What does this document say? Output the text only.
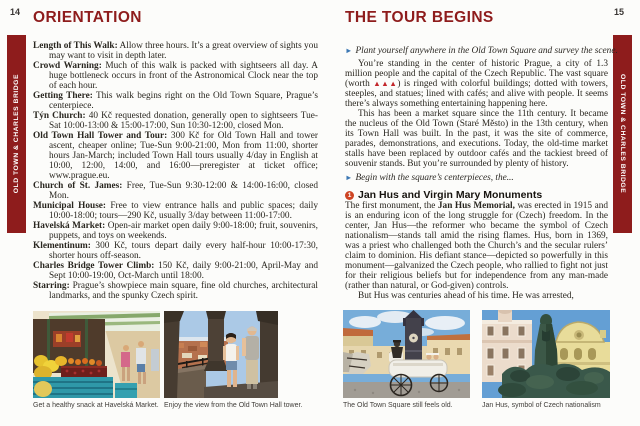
14 ORIENTATION
OLD TOWN & CHARLES BRIDGE
Length of This Walk: Allow three hours. It’s a great overview of sights you may want to visit in depth later.
Crowd Warning: Much of this walk is packed with sightseers all day. A huge bottleneck occurs in front of the Astronomical Clock near the top of each hour.
Getting There: This walk begins right on the Old Town Square, Prague’s centerpiece.
Týn Church: 40 Kč requested donation, generally open to sightseers Tue-Sat 10:00-13:00 & 15:00-17:00, Sun 10:30-12:00, closed Mon.
Old Town Hall Tower and Tour: 300 Kč for Old Town Hall and tower ascent, cheaper online; Tue-Sun 9:00-21:00, Mon from 11:00, shorter hours Jan-March; included Town Hall tours usually 4/day in English at 10:00, 12:00, 14:00, and 16:00—preregister at ticket office; www.prague.eu.
Church of St. James: Free, Tue-Sun 9:30-12:00 & 14:00-16:00, closed Mon.
Municipal House: Free to view entrance halls and public spaces; daily 10:00-18:00; tours—290 Kč, usually 3/day between 11:00-17:00.
Havelská Market: Open-air market open daily 9:00-18:00; fruit, souvenirs, puppets, and toys on weekends.
Klementinum: 300 Kč, tours depart daily every half-hour 10:00-17:30, shorter hours off-season.
Charles Bridge Tower Climb: 150 Kč, daily 9:00-21:00, April-May and Sept 10:00-19:00, Oct-March until 18:00.
Starring: Prague’s showpiece main square, fine old churches, architectural landmarks, and the spunky Czech spirit.
Get a healthy snack at Havelská Market. Enjoy the view from the Old Town Hall tower.
15
THE TOUR BEGINS
OLD TOWN & CHARLES BRIDGE
► Plant yourself anywhere in the Old Town Square and survey the scene.
You’re standing in the center of historic Prague, a city of 1.3 million people and the capital of the Czech Republic. The vast square (worth ▲▲▲) is ringed with colorful buildings; dotted with towers, steeples, and statues; lined with cafés; and alive with people. It seems there’s always something entertaining happening here.
This has been a market square since the 11th century. It became the nucleus of the Old Town (Staré Město) in the 13th century, when its Town Hall was built. In the past, it was the site of commerce, parades, demonstrations, and executions. Today, the old-time market stalls have been replaced by outdoor cafés and the tackiest breed of souvenir stands. But you’re surrounded by plenty of history.
► Begin with the square’s centerpieces, the...
1 Jan Hus and Virgin Mary Monuments
The first monument, the Jan Hus Memorial, was erected in 1915 and is an enduring icon of the long struggle for (Czech) freedom. In the center, Jan Hus—the reformer who became the symbol of Czech nationalism—stands tall amid the rising flames. Hus, born in 1369, was a priest who challenged both the Church’s and the secular rulers’ claim to dominion. His defiant stance—depicted so powerfully in this monument—galvanized the Czech people, who rallied to fight not just for their religious beliefs but for independence from any man-made (rather than natural, or God-given) controls.
But Hus was centuries ahead of his time. He was arrested,
The Old Town Square still feels old.	Jan Hus, symbol of Czech nationalism
